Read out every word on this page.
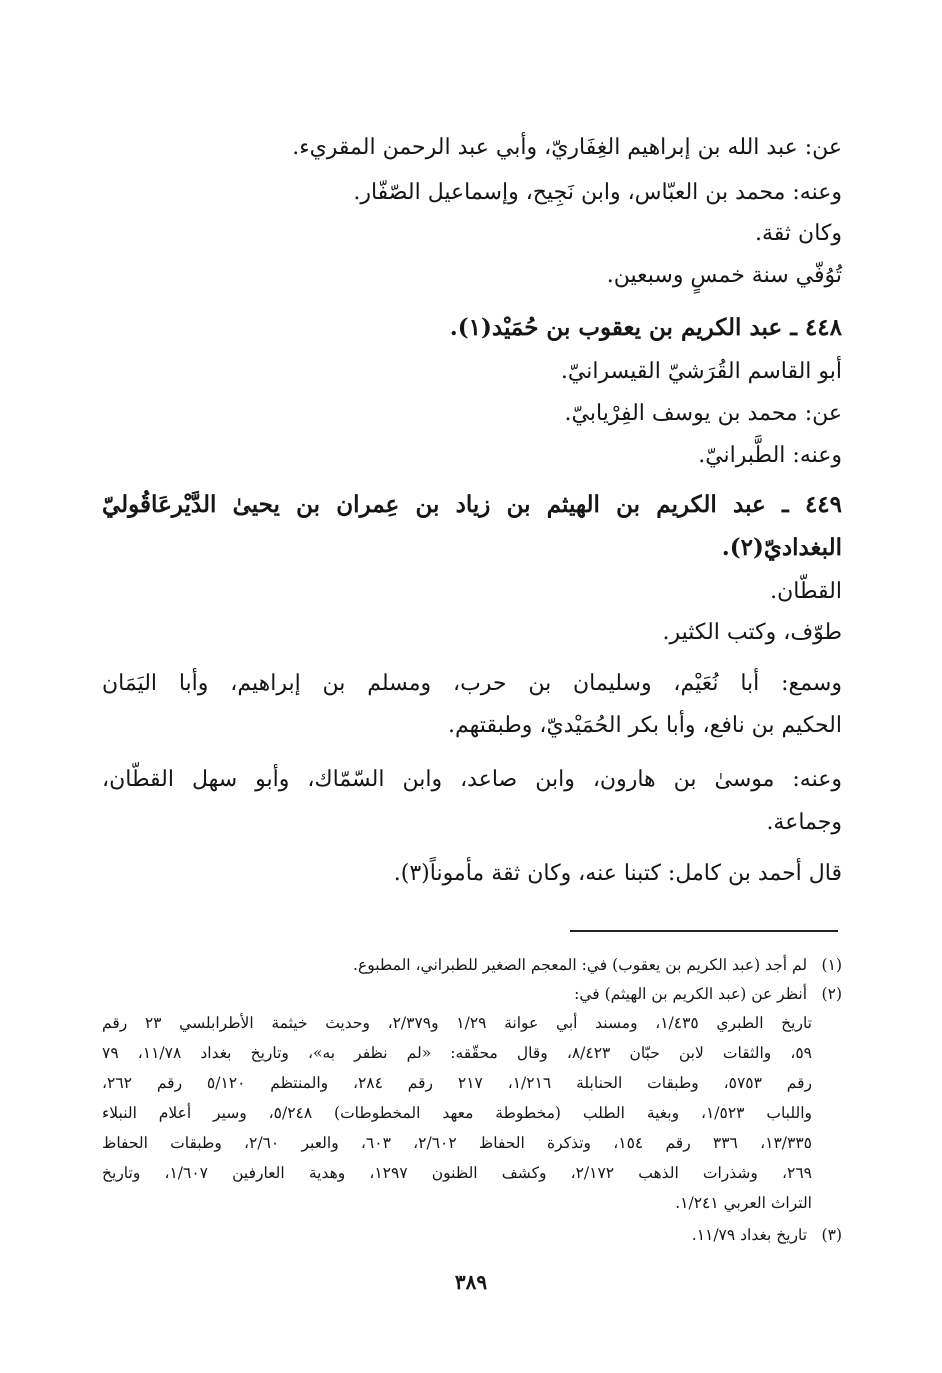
عن: عبد الله بن إبراهيم الغِفَاريّ، وأبي عبد الرحمن المقريء.
وعنه: محمد بن العبّاس، وابن نَجِيح، وإسماعيل الصّفّار.
وكان ثقة.
تُوُفّي سنة خمسٍ وسبعين.
٤٤٨ ـ عبد الكريم بن يعقوب بن حُمَيْد(١).
أبو القاسم القُرَشيّ القيسرانيّ.
عن: محمد بن يوسف الفِرْيابيّ.
وعنه: الطَّبرانيّ.
٤٤٩ ـ عبد الكريم بن الهيثم بن زياد بن عِمران بن يحيىٰ الدَّيْرعَاقُوليّ
البغداديّ(٢).
القطّان.
طوّف، وكتب الكثير.
وسمع: أبا نُعَيْم، وسليمان بن حرب، ومسلم بن إبراهيم، وأبا اليَمَان
الحكيم بن نافع، وأبا بكر الحُمَيْديّ، وطبقتهم.
وعنه: موسىٰ بن هارون، وابن صاعد، وابن السّمّاك، وأبو سهل القطّان،
وجماعة.
قال أحمد بن كامل: كتبنا عنه، وكان ثقة مأموناً(٣).
(١) لم أجد (عبد الكريم بن يعقوب) في: المعجم الصغير للطبراني، المطبوع.
(٢) أنظر عن (عبد الكريم بن الهيثم) في:
تاريخ الطبري ١/٤٣٥، ومسند أبي عوانة ١/٢٩ و٢/٣٧٩، وحديث خيثمة الأطرابلسي ٢٣ رقم
٥٩، والثقات لابن حبّان ٨/٤٢٣، وقال محقّقه: «لم نظفر به»، وتاريخ بغداد ١١/٧٨، ٧٩
رقم ٥٧٥٣، وطبقات الحنابلة ١/٢١٦، ٢١٧ رقم ٢٨٤، والمنتظم ٥/١٢٠ رقم ٢٦٢،
واللباب ١/٥٢٣، وبغية الطلب (مخطوطة معهد المخطوطات) ٥/٢٤٨، وسير أعلام النبلاء
١٣/٣٣٥، ٣٣٦ رقم ١٥٤، وتذكرة الحفاظ ٢/٦٠٢، ٦٠٣، والعبر ٢/٦٠، وطبقات الحفاظ
٢٦٩، وشذرات الذهب ٢/١٧٢، وكشف الظنون ١٢٩٧، وهدية العارفين ١/٦٠٧، وتاريخ
التراث العربي ١/٢٤١.
(٣) تاريخ بغداد ١١/٧٩.
٣٨٩
